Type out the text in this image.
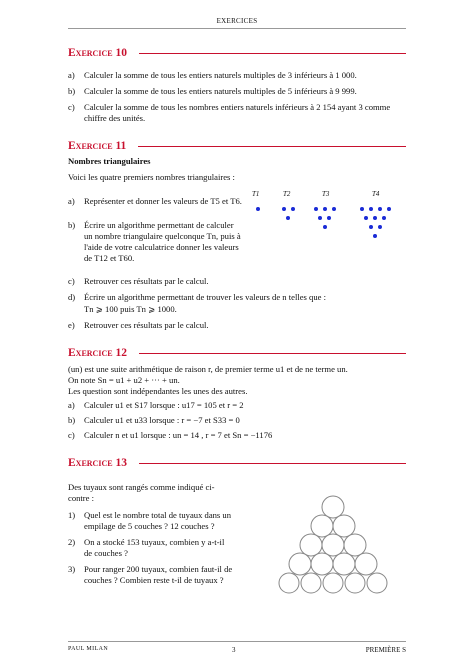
EXERCICES
Exercice 10
a) Calculer la somme de tous les entiers naturels multiples de 3 inférieurs à 1 000.
b) Calculer la somme de tous les entiers naturels multiples de 5 inférieurs à 9 999.
c) Calculer la somme de tous les nombres entiers naturels inférieurs à 2 154 ayant 3 comme chiffre des unités.
Exercice 11
Nombres triangulaires
Voici les quatre premiers nombres triangulaires :
a) Représenter et donner les valeurs de T5 et T6.
b) Écrire un algorithme permettant de calculer un nombre triangulaire quelconque Tn, puis à l'aide de votre calculatrice donner les valeurs de T12 et T60.
T1	T2	T3	T4
c) Retrouver ces résultats par le calcul.
d) Écrire un algorithme permettant de trouver les valeurs de n telles que :
Tn ⩾ 100 puis Tn ⩾ 1000.
e) Retrouver ces résultats par le calcul.
Exercice 12
(un) est une suite arithmétique de raison r, de premier terme u1 et de ne terme un.
On note Sn = u1 + u2 + ··· + un.
Les question sont indépendantes les unes des autres.
a) Calculer u1 et S17 lorsque : u17 = 105 et r = 2
b) Calculer u1 et u33 lorsque : r = −7 et S33 = 0
c) Calculer n et u1 lorsque : un = 14 , r = 7 et Sn = −1176
Exercice 13
Des tuyaux sont rangés comme indiqué ci-contre :
1) Quel est le nombre total de tuyaux dans un empilage de 5 couches ? 12 couches ?
2) On a stocké 153 tuyaux, combien y a-t-il de couches ?
3) Pour ranger 200 tuyaux, combien faut-il de couches ? Combien reste t-il de tuyaux ?
PAUL MILAN	3	PREMIÈRE S
